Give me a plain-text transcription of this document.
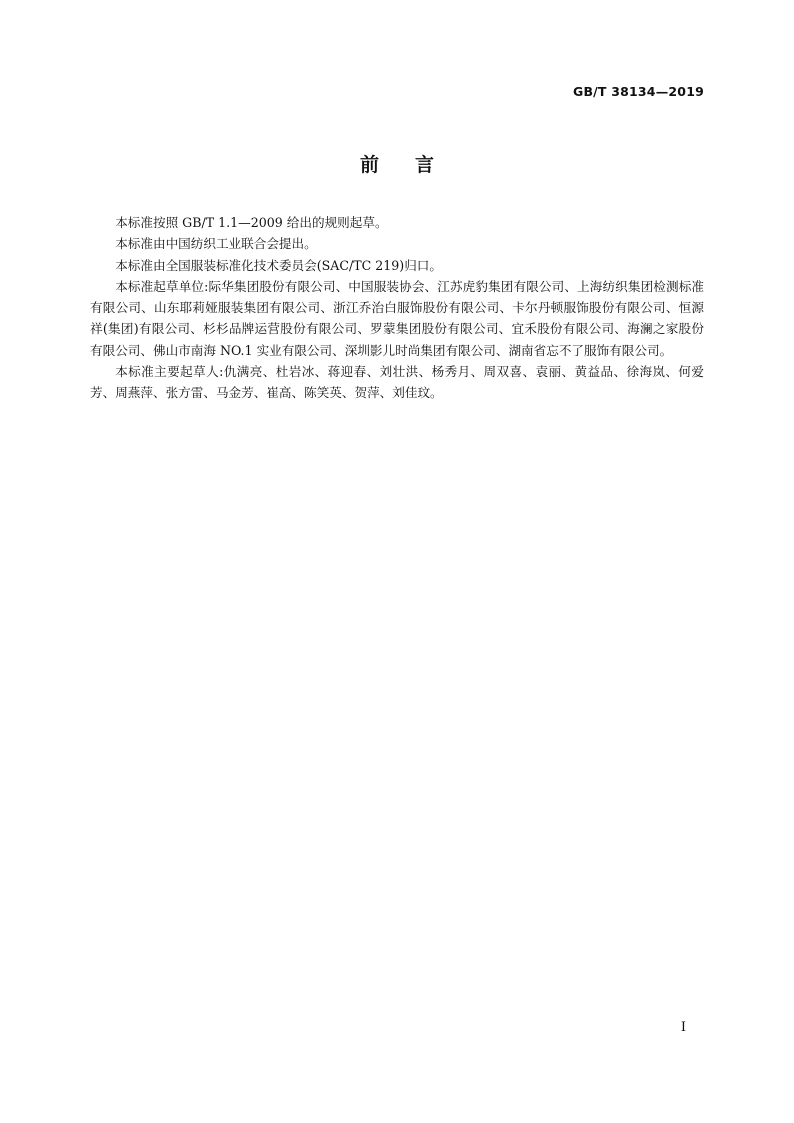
GB/T 38134—2019
前 言

本标准按照 GB/T 1.1—2009 给出的规则起草。

本标准由中国纺织工业联合会提出。

本标准由全国服装标准化技术委员会(SAC/TC 219)归口。

本标准起草单位:际华集团股份有限公司、中国服装协会、江苏虎豹集团有限公司、上海纺织集团检测标准有限公司、山东耶莉娅服装集团有限公司、浙江乔治白服饰股份有限公司、卡尔丹顿服饰股份有限公司、恒源祥(集团)有限公司、杉杉品牌运营股份有限公司、罗蒙集团股份有限公司、宜禾股份有限公司、海澜之家股份有限公司、佛山市南海 NO.1 实业有限公司、深圳影儿时尚集团有限公司、湖南省忘不了服饰有限公司。

本标准主要起草人:仇满亮、杜岩冰、蒋迎春、刘壮洪、杨秀月、周双喜、袁丽、黄益品、徐海岚、何爱芳、周燕萍、张方雷、马金芳、崔高、陈笑英、贺萍、刘佳玟。

I
